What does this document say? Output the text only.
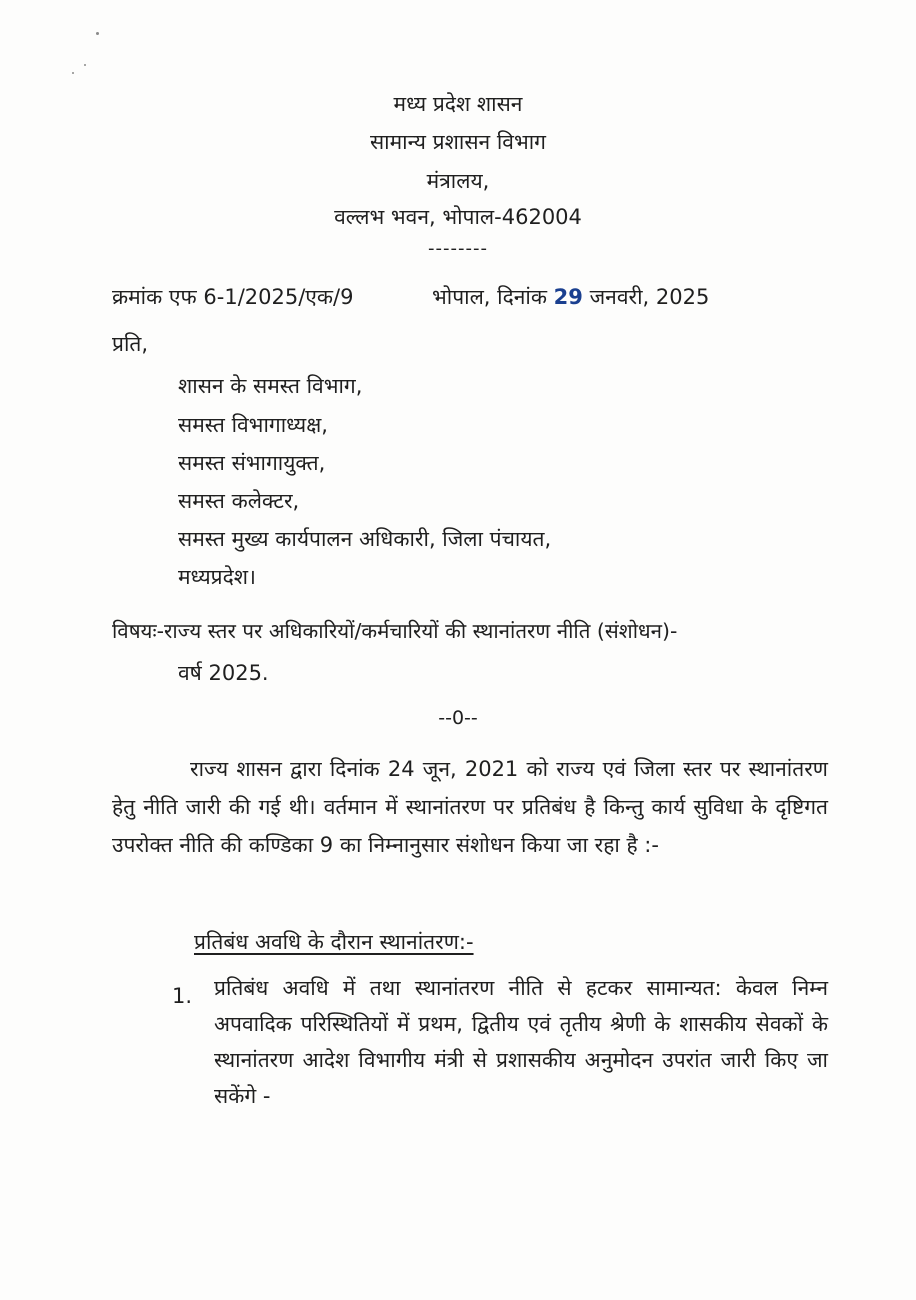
मध्य प्रदेश शासन
सामान्य प्रशासन विभाग
मंत्रालय,
वल्लभ भवन, भोपाल-462004
--------
क्रमांक एफ 6-1/2025/एक/9	भोपाल, दिनांक 29 जनवरी, 2025
प्रति,
शासन के समस्त विभाग,
समस्त विभागाध्यक्ष,
समस्त संभागायुक्त,
समस्त कलेक्टर,
समस्त मुख्य कार्यपालन अधिकारी, जिला पंचायत,
मध्यप्रदेश।
विषयः-राज्य स्तर पर अधिकारियों/कर्मचारियों की स्थानांतरण नीति (संशोधन)-
वर्ष 2025.
--0--
राज्य शासन द्वारा दिनांक 24 जून, 2021 को राज्य एवं जिला स्तर पर स्थानांतरण हेतु नीति जारी की गई थी। वर्तमान में स्थानांतरण पर प्रतिबंध है किन्तु कार्य सुविधा के दृष्टिगत उपरोक्त नीति की कण्डिका 9 का निम्नानुसार संशोधन किया जा रहा है :-
प्रतिबंध अवधि के दौरान स्थानांतरण:-
1. प्रतिबंध अवधि में तथा स्थानांतरण नीति से हटकर सामान्यत: केवल निम्न अपवादिक परिस्थितियों में प्रथम, द्वितीय एवं तृतीय श्रेणी के शासकीय सेवकों के स्थानांतरण आदेश विभागीय मंत्री से प्रशासकीय अनुमोदन उपरांत जारी किए जा सकेंगे -
